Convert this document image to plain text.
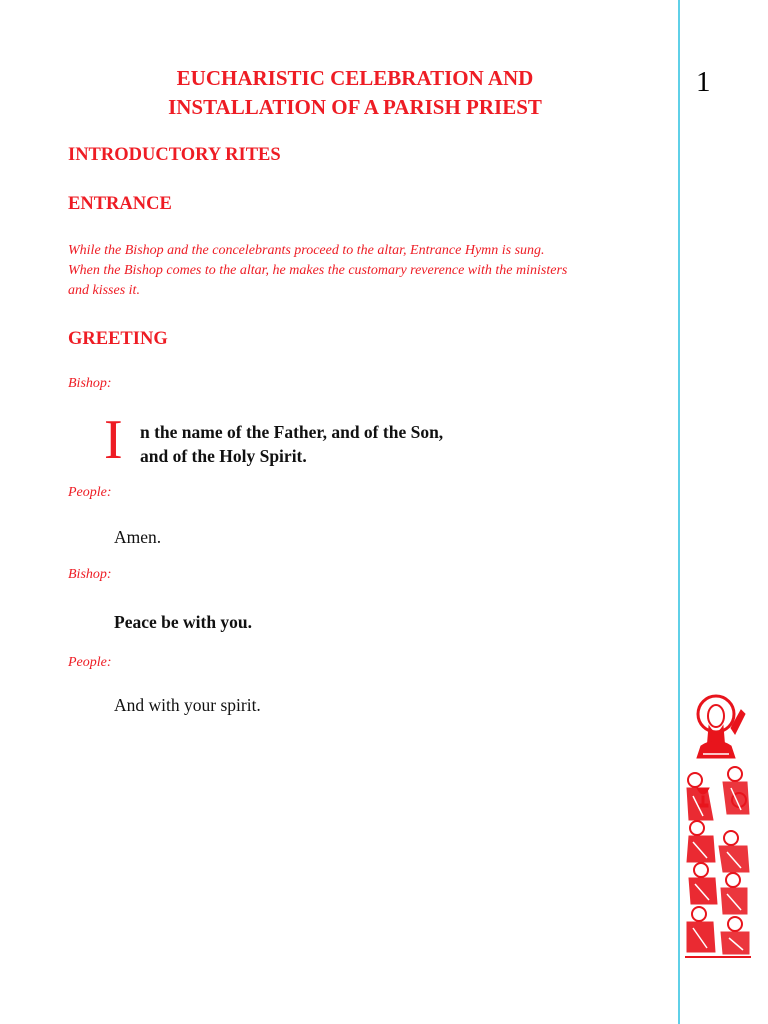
EUCHARISTIC CELEBRATION AND
INSTALLATION OF A PARISH PRIEST
1
INTRODUCTORY RITES
ENTRANCE

While the Bishop and the concelebrants proceed to the altar, Entrance Hymn is sung.
When the Bishop comes to the altar, he makes the customary reverence with the ministers
and kisses it.

GREETING

Bishop:

I n the name of the Father, and of the Son,
and of the Holy Spirit.

People:

Amen.

Bishop:

Peace be with you.

People:

And with your spirit.
